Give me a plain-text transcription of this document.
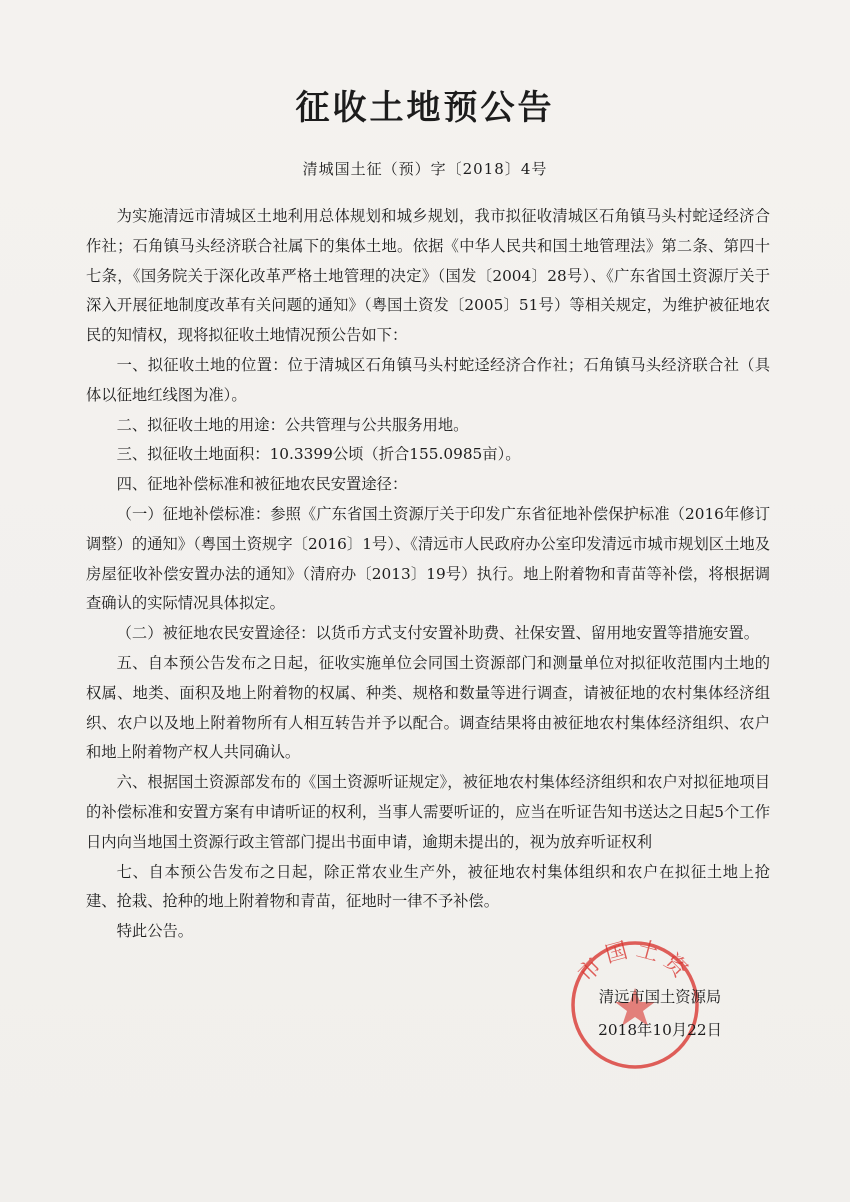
征收土地预公告
清城国土征（预）字〔2018〕4号

为实施清远市清城区土地利用总体规划和城乡规划，我市拟征收清城区石角镇马头村蛇迳经济合作社；石角镇马头经济联合社属下的集体土地。依据《中华人民共和国土地管理法》第二条、第四十七条，《国务院关于深化改革严格土地管理的决定》（国发〔2004〕28号）、《广东省国土资源厅关于深入开展征地制度改革有关问题的通知》（粤国土资发〔2005〕51号）等相关规定，为维护被征地农民的知情权，现将拟征收土地情况预公告如下：

一、拟征收土地的位置：位于清城区石角镇马头村蛇迳经济合作社；石角镇马头经济联合社（具体以征地红线图为准）。

二、拟征收土地的用途：公共管理与公共服务用地。

三、拟征收土地面积：10.3399公顷（折合155.0985亩）。

四、征地补偿标准和被征地农民安置途径：

（一）征地补偿标准：参照《广东省国土资源厅关于印发广东省征地补偿保护标准（2016年修订调整）的通知》（粤国土资规字〔2016〕1号）、《清远市人民政府办公室印发清远市城市规划区土地及房屋征收补偿安置办法的通知》（清府办〔2013〕19号）执行。地上附着物和青苗等补偿，将根据调查确认的实际情况具体拟定。

（二）被征地农民安置途径：以货币方式支付安置补助费、社保安置、留用地安置等措施安置。

五、自本预公告发布之日起，征收实施单位会同国土资源部门和测量单位对拟征收范围内土地的权属、地类、面积及地上附着物的权属、种类、规格和数量等进行调查，请被征地的农村集体经济组织、农户以及地上附着物所有人相互转告并予以配合。调查结果将由被征地农村集体经济组织、农户和地上附着物产权人共同确认。

六、根据国土资源部发布的《国土资源听证规定》，被征地农村集体经济组织和农户对拟征地项目的补偿标准和安置方案有申请听证的权利，当事人需要听证的，应当在听证告知书送达之日起5个工作日内向当地国土资源行政主管部门提出书面申请，逾期未提出的，视为放弃听证权利

七、自本预公告发布之日起，除正常农业生产外，被征地农村集体组织和农户在拟征土地上抢建、抢栽、抢种的地上附着物和青苗，征地时一律不予补偿。

特此公告。

市国土资
清远市国土资源局
2018年10月22日
